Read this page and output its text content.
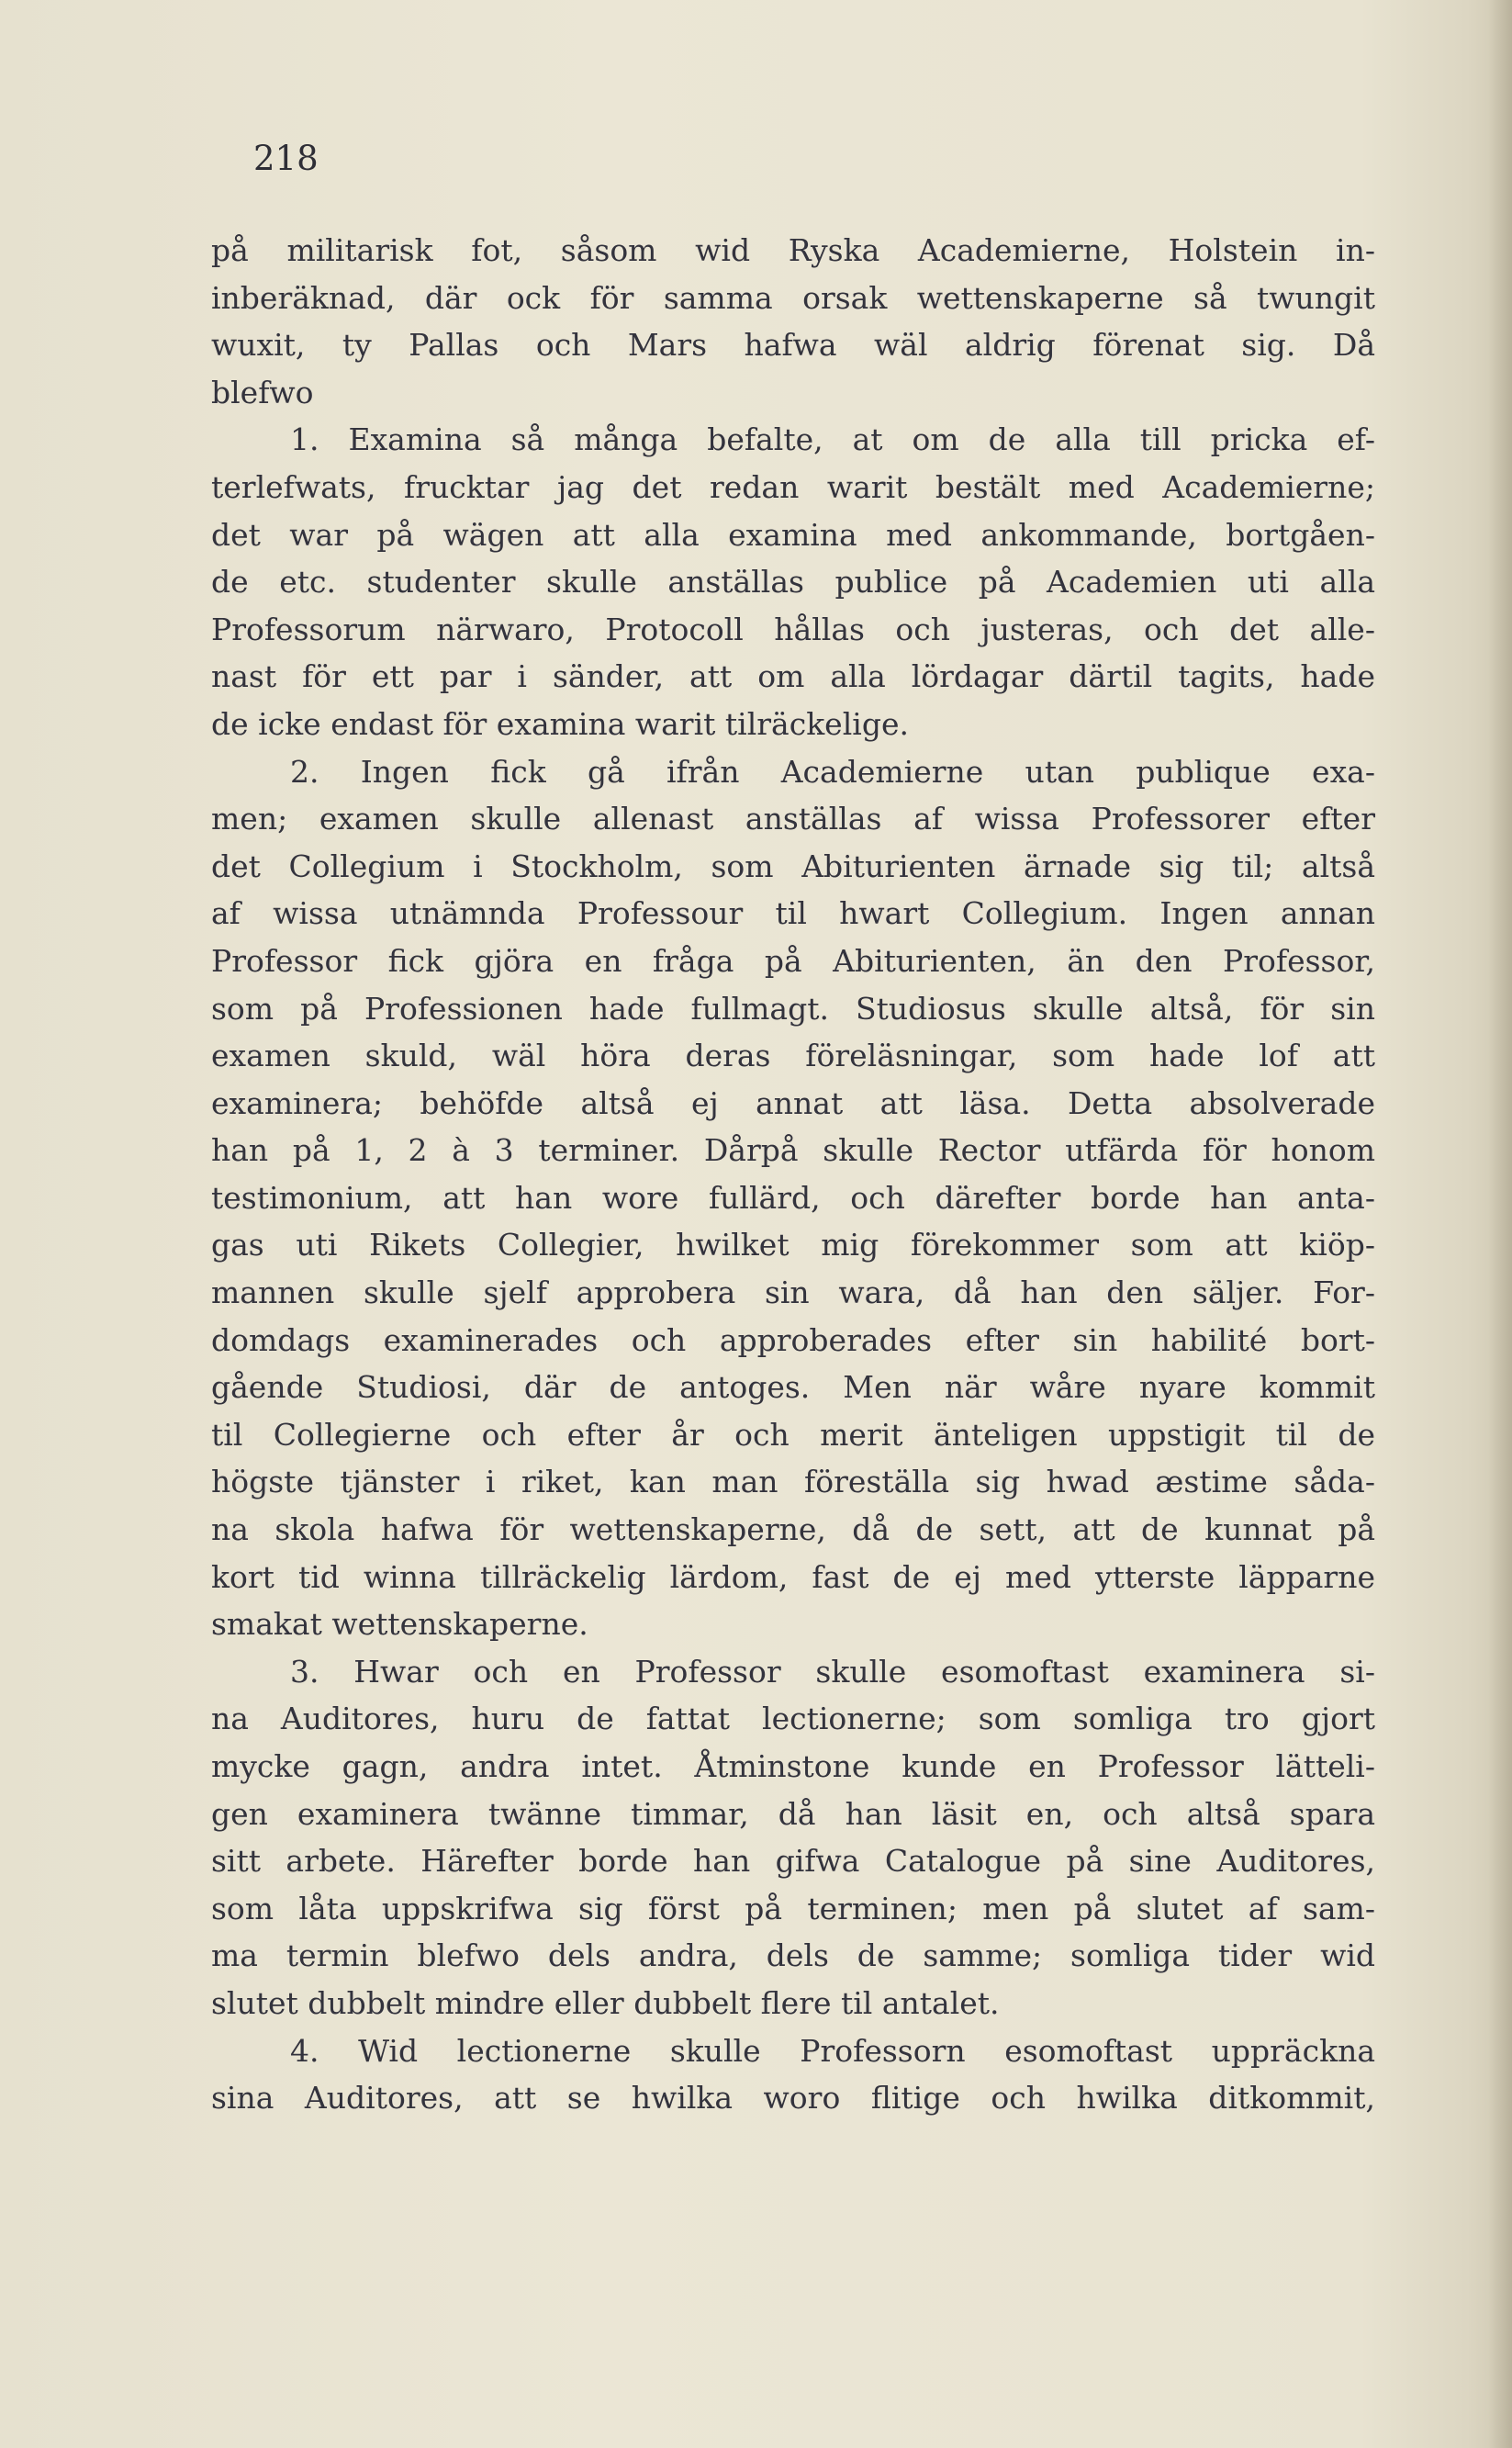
218
på militarisk fot, såsom wid Ryska Academierne, Holstein in-
inberäknad, där ock för samma orsak wettenskaperne så twungit
wuxit, ty Pallas och Mars hafwa wäl aldrig förenat sig. Då
blefwo
1. Examina så många befalte, at om de alla till pricka ef-
terlefwats, frucktar jag det redan warit bestält med Academierne;
det war på wägen att alla examina med ankommande, bortgåen-
de etc. studenter skulle anställas publice på Academien uti alla
Professorum närwaro, Protocoll hållas och justeras, och det alle-
nast för ett par i sänder, att om alla lördagar därtil tagits, hade
de icke endast för examina warit tilräckelige.
2. Ingen fick gå ifrån Academierne utan publique exa-
men; examen skulle allenast anställas af wissa Professorer efter
det Collegium i Stockholm, som Abiturienten ärnade sig til; altså
af wissa utnämnda Professour til hwart Collegium. Ingen annan
Professor fick gjöra en fråga på Abiturienten, än den Professor,
som på Professionen hade fullmagt. Studiosus skulle altså, för sin
examen skuld, wäl höra deras föreläsningar, som hade lof att
examinera; behöfde altså ej annat att läsa. Detta absolverade
han på 1, 2 à 3 terminer. Dårpå skulle Rector utfärda för honom
testimonium, att han wore fullärd, och därefter borde han anta-
gas uti Rikets Collegier, hwilket mig förekommer som att kiöp-
mannen skulle sjelf approbera sin wara, då han den säljer. For-
domdags examinerades och approberades efter sin habilité bort-
gående Studiosi, där de antoges. Men när wåre nyare kommit
til Collegierne och efter år och merit änteligen uppstigit til de
högste tjänster i riket, kan man föreställa sig hwad æstime såda-
na skola hafwa för wettenskaperne, då de sett, att de kunnat på
kort tid winna tillräckelig lärdom, fast de ej med ytterste läpparne
smakat wettenskaperne.
3. Hwar och en Professor skulle esomoftast examinera si-
na Auditores, huru de fattat lectionerne; som somliga tro gjort
mycke gagn, andra intet. Åtminstone kunde en Professor lätteli-
gen examinera twänne timmar, då han läsit en, och altså spara
sitt arbete. Härefter borde han gifwa Catalogue på sine Auditores,
som låta uppskrifwa sig först på terminen; men på slutet af sam-
ma termin blefwo dels andra, dels de samme; somliga tider wid
slutet dubbelt mindre eller dubbelt flere til antalet.
4. Wid lectionerne skulle Professorn esomoftast uppräckna
sina Auditores, att se hwilka woro flitige och hwilka ditkommit,
